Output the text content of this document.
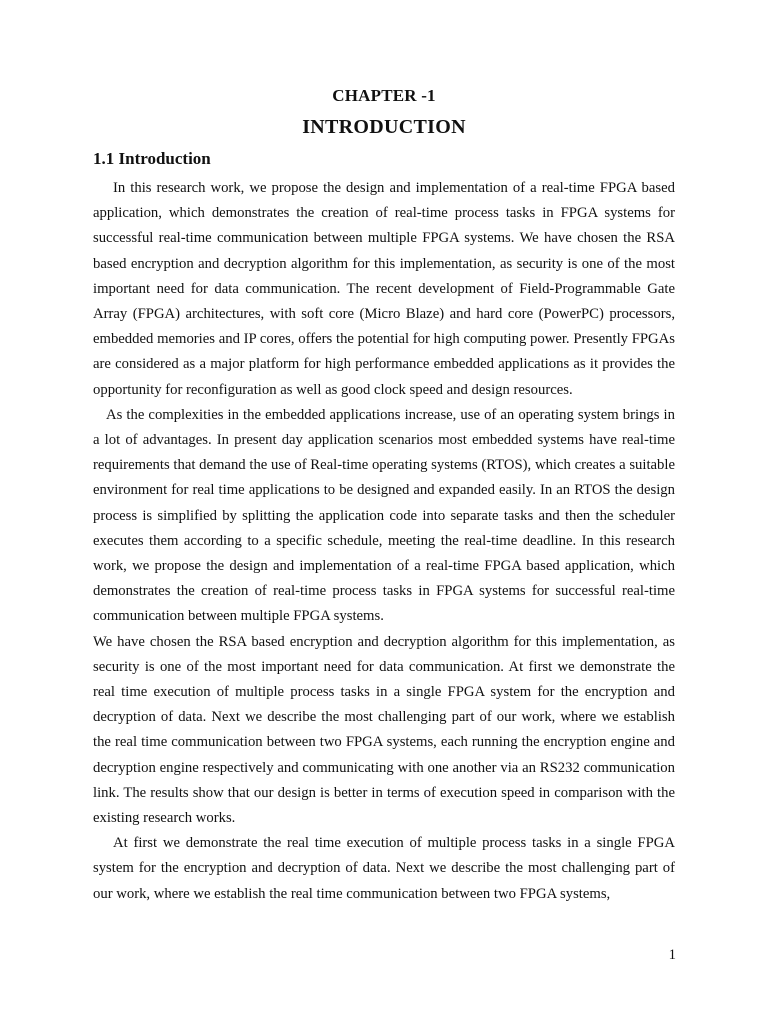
CHAPTER -1
INTRODUCTION
1.1 Introduction

In this research work, we propose the design and implementation of a real-time FPGA based application, which demonstrates the creation of real-time process tasks in FPGA systems for successful real-time communication between multiple FPGA systems. We have chosen the RSA based encryption and decryption algorithm for this implementation, as security is one of the most important need for data communication. The recent development of Field-Programmable Gate Array (FPGA) architectures, with soft core (Micro Blaze) and hard core (PowerPC) processors, embedded memories and IP cores, offers the potential for high computing power. Presently FPGAs are considered as a major platform for high performance embedded applications as it provides the opportunity for reconfiguration as well as good clock speed and design resources.

As the complexities in the embedded applications increase, use of an operating system brings in a lot of advantages. In present day application scenarios most embedded systems have real-time requirements that demand the use of Real-time operating systems (RTOS), which creates a suitable environment for real time applications to be designed and expanded easily. In an RTOS the design process is simplified by splitting the application code into separate tasks and then the scheduler executes them according to a specific schedule, meeting the real-time deadline. In this research work, we propose the design and implementation of a real-time FPGA based application, which demonstrates the creation of real-time process tasks in FPGA systems for successful real-time communication between multiple FPGA systems.

We have chosen the RSA based encryption and decryption algorithm for this implementation, as security is one of the most important need for data communication. At first we demonstrate the real time execution of multiple process tasks in a single FPGA system for the encryption and decryption of data. Next we describe the most challenging part of our work, where we establish the real time communication between two FPGA systems, each running the encryption engine and decryption engine respectively and communicating with one another via an RS232 communication link. The results show that our design is better in terms of execution speed in comparison with the existing research works.

At first we demonstrate the real time execution of multiple process tasks in a single FPGA system for the encryption and decryption of data. Next we describe the most challenging part of our work, where we establish the real time communication between two FPGA systems,

1
